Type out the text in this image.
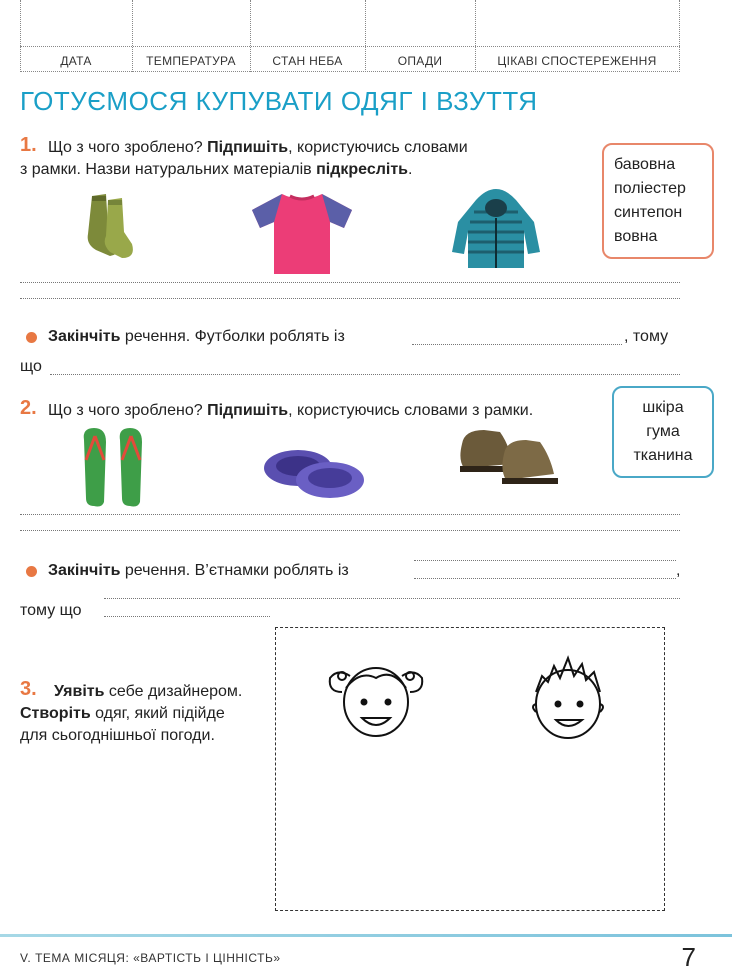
ДАТА	ТЕМПЕРАТУРА	СТАН НЕБА	ОПАДИ	ЦІКАВІ СПОСТЕРЕЖЕННЯ
ГОТУЄМОСЯ КУПУВАТИ ОДЯГ І ВЗУТТЯ
1. Що з чого зроблено? Підпишіть, користуючись словами
з рамки. Назви натуральних матеріалів підкресліть.	бавовна
поліестер
синтепон
вовна
Закінчіть речення. Футболки роблять із	, тому
що
2. Що з чого зроблено? Підпишіть, користуючись словами з рамки.	шкіра
гума
тканина
Закінчіть речення. В’єтнамки роблять із	,
тому що
3. Уявіть себе дизайнером.
Створіть одяг, який підійде
для сьогоднішньої погоди.
V. ТЕМА МІСЯЦЯ: «ВАРТІСТЬ І ЦІННІСТЬ»	7
